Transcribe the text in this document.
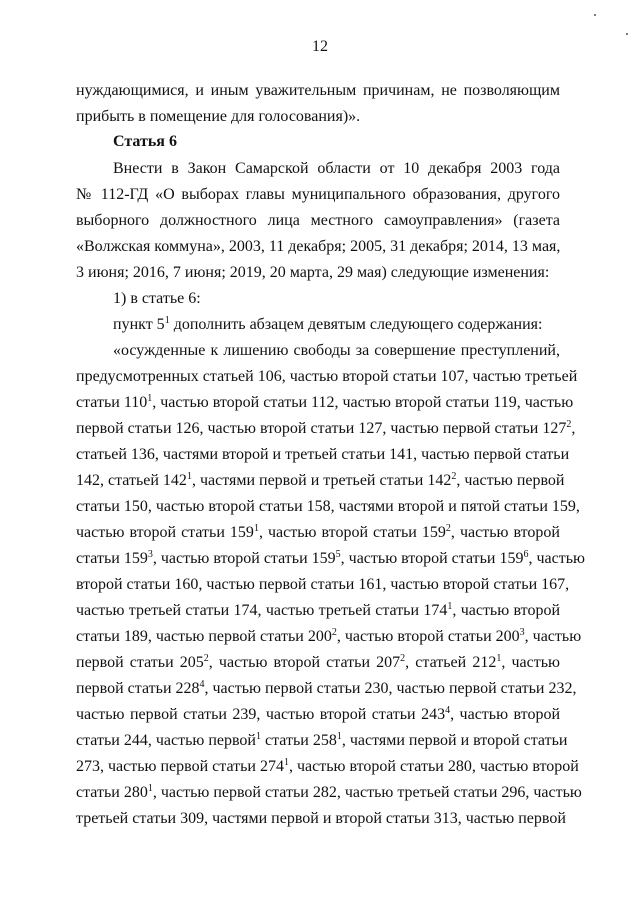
12
нуждающимися, и иным уважительным причинам, не позволяющим
прибыть в помещение для голосования)».
Статья 6
Внести в Закон Самарской области от 10 декабря 2003 года
№ 112-ГД «О выборах главы муниципального образования, другого
выборного должностного лица местного самоуправления» (газета
«Волжская коммуна», 2003, 11 декабря; 2005, 31 декабря; 2014, 13 мая,
3 июня; 2016, 7 июня; 2019, 20 марта, 29 мая) следующие изменения:
1) в статье 6:
пункт $5^1$ дополнить абзацем девятым следующего содержания:
«осужденные к лишению свободы за совершение преступлений,
предусмотренных статьей 106, частью второй статьи 107, частью третьей
статьи $110^1$, частью второй статьи 112, частью второй статьи 119, частью
первой статьи 126, частью второй статьи 127, частью первой статьи $127^2$,
статьей 136, частями второй и третьей статьи 141, частью первой статьи
142, статьей $142^1$, частями первой и третьей статьи $142^2$, частью первой
статьи 150, частью второй статьи 158, частями второй и пятой статьи 159,
частью второй статьи $159^1$, частью второй статьи $159^2$, частью второй
статьи $159^3$, частью второй статьи $159^5$, частью второй статьи $159^6$, частью
второй статьи 160, частью первой статьи 161, частью второй статьи 167,
частью третьей статьи 174, частью третьей статьи $174^1$, частью второй
статьи 189, частью первой статьи $200^2$, частью второй статьи $200^3$, частью
первой статьи $205^2$, частью второй статьи $207^2$, статьей $212^1$, частью
первой статьи $228^4$, частью первой статьи 230, частью первой статьи 232,
частью первой статьи 239, частью второй статьи $243^4$, частью второй
статьи 244, частью первой$^1$ статьи $258^1$, частями первой и второй статьи
273, частью первой статьи $274^1$, частью второй статьи 280, частью второй
статьи $280^1$, частью первой статьи 282, частью третьей статьи 296, частью
третьей статьи 309, частями первой и второй статьи 313, частью первой
